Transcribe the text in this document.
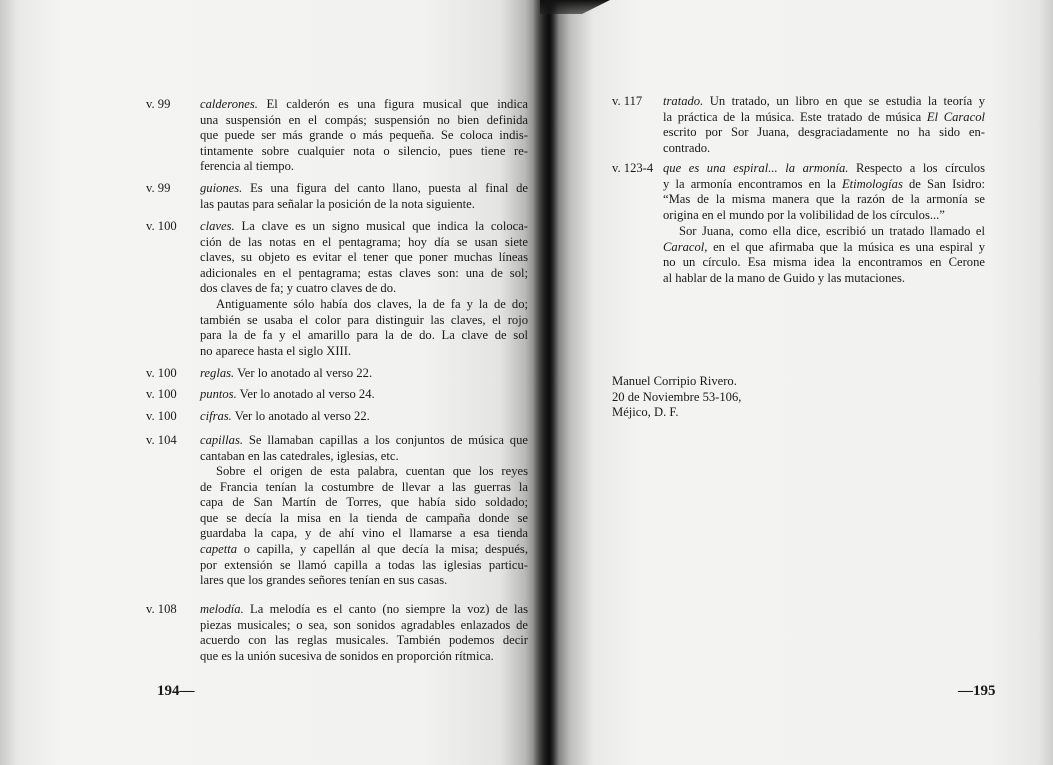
v. 99 calderones. El calderón es una figura musical que indica
una suspensión en el compás; suspensión no bien definida
que puede ser más grande o más pequeña. Se coloca indis-
tintamente sobre cualquier nota o silencio, pues tiene re-
ferencia al tiempo.
v. 99 guiones. Es una figura del canto llano, puesta al final de
las pautas para señalar la posición de la nota siguiente.
v. 100 claves. La clave es un signo musical que indica la coloca-
ción de las notas en el pentagrama; hoy día se usan siete
claves, su objeto es evitar el tener que poner muchas líneas
adicionales en el pentagrama; estas claves son: una de sol;
dos claves de fa; y cuatro claves de do.
Antiguamente sólo había dos claves, la de fa y la de do;
también se usaba el color para distinguir las claves, el rojo
para la de fa y el amarillo para la de do. La clave de sol
no aparece hasta el siglo XIII.
v. 100 reglas. Ver lo anotado al verso 22.
v. 100 puntos. Ver lo anotado al verso 24.
v. 100 cifras. Ver lo anotado al verso 22.
v. 104 capillas. Se llamaban capillas a los conjuntos de música que
cantaban en las catedrales, iglesias, etc.
Sobre el origen de esta palabra, cuentan que los reyes
de Francia tenían la costumbre de llevar a las guerras la
capa de San Martín de Torres, que había sido soldado;
que se decía la misa en la tienda de campaña donde se
guardaba la capa, y de ahí vino el llamarse a esa tienda
capetta o capilla, y capellán al que decía la misa; después,
por extensión se llamó capilla a todas las iglesias particu-
lares que los grandes señores tenían en sus casas.
v. 108 melodía. La melodía es el canto (no siempre la voz) de las
piezas musicales; o sea, son sonidos agradables enlazados de
acuerdo con las reglas musicales. También podemos decir
que es la unión sucesiva de sonidos en proporción rítmica.
v. 117 tratado. Un tratado, un libro en que se estudia la teoría y
la práctica de la música. Este tratado de música El Caracol
escrito por Sor Juana, desgraciadamente no ha sido en-
contrado.
v. 123-4 que es una espiral... la armonía. Respecto a los círculos
y la armonía encontramos en la Etimologías de San Isidro:
“Mas de la misma manera que la razón de la armonía se
origina en el mundo por la volibilidad de los círculos...”
Sor Juana, como ella dice, escribió un tratado llamado el
Caracol, en el que afirmaba que la música es una espiral y
no un círculo. Esa misma idea la encontramos en Cerone
al hablar de la mano de Guido y las mutaciones.
Manuel Corripio Rivero.
20 de Noviembre 53-106,
Méjico, D. F.
194—	—195
